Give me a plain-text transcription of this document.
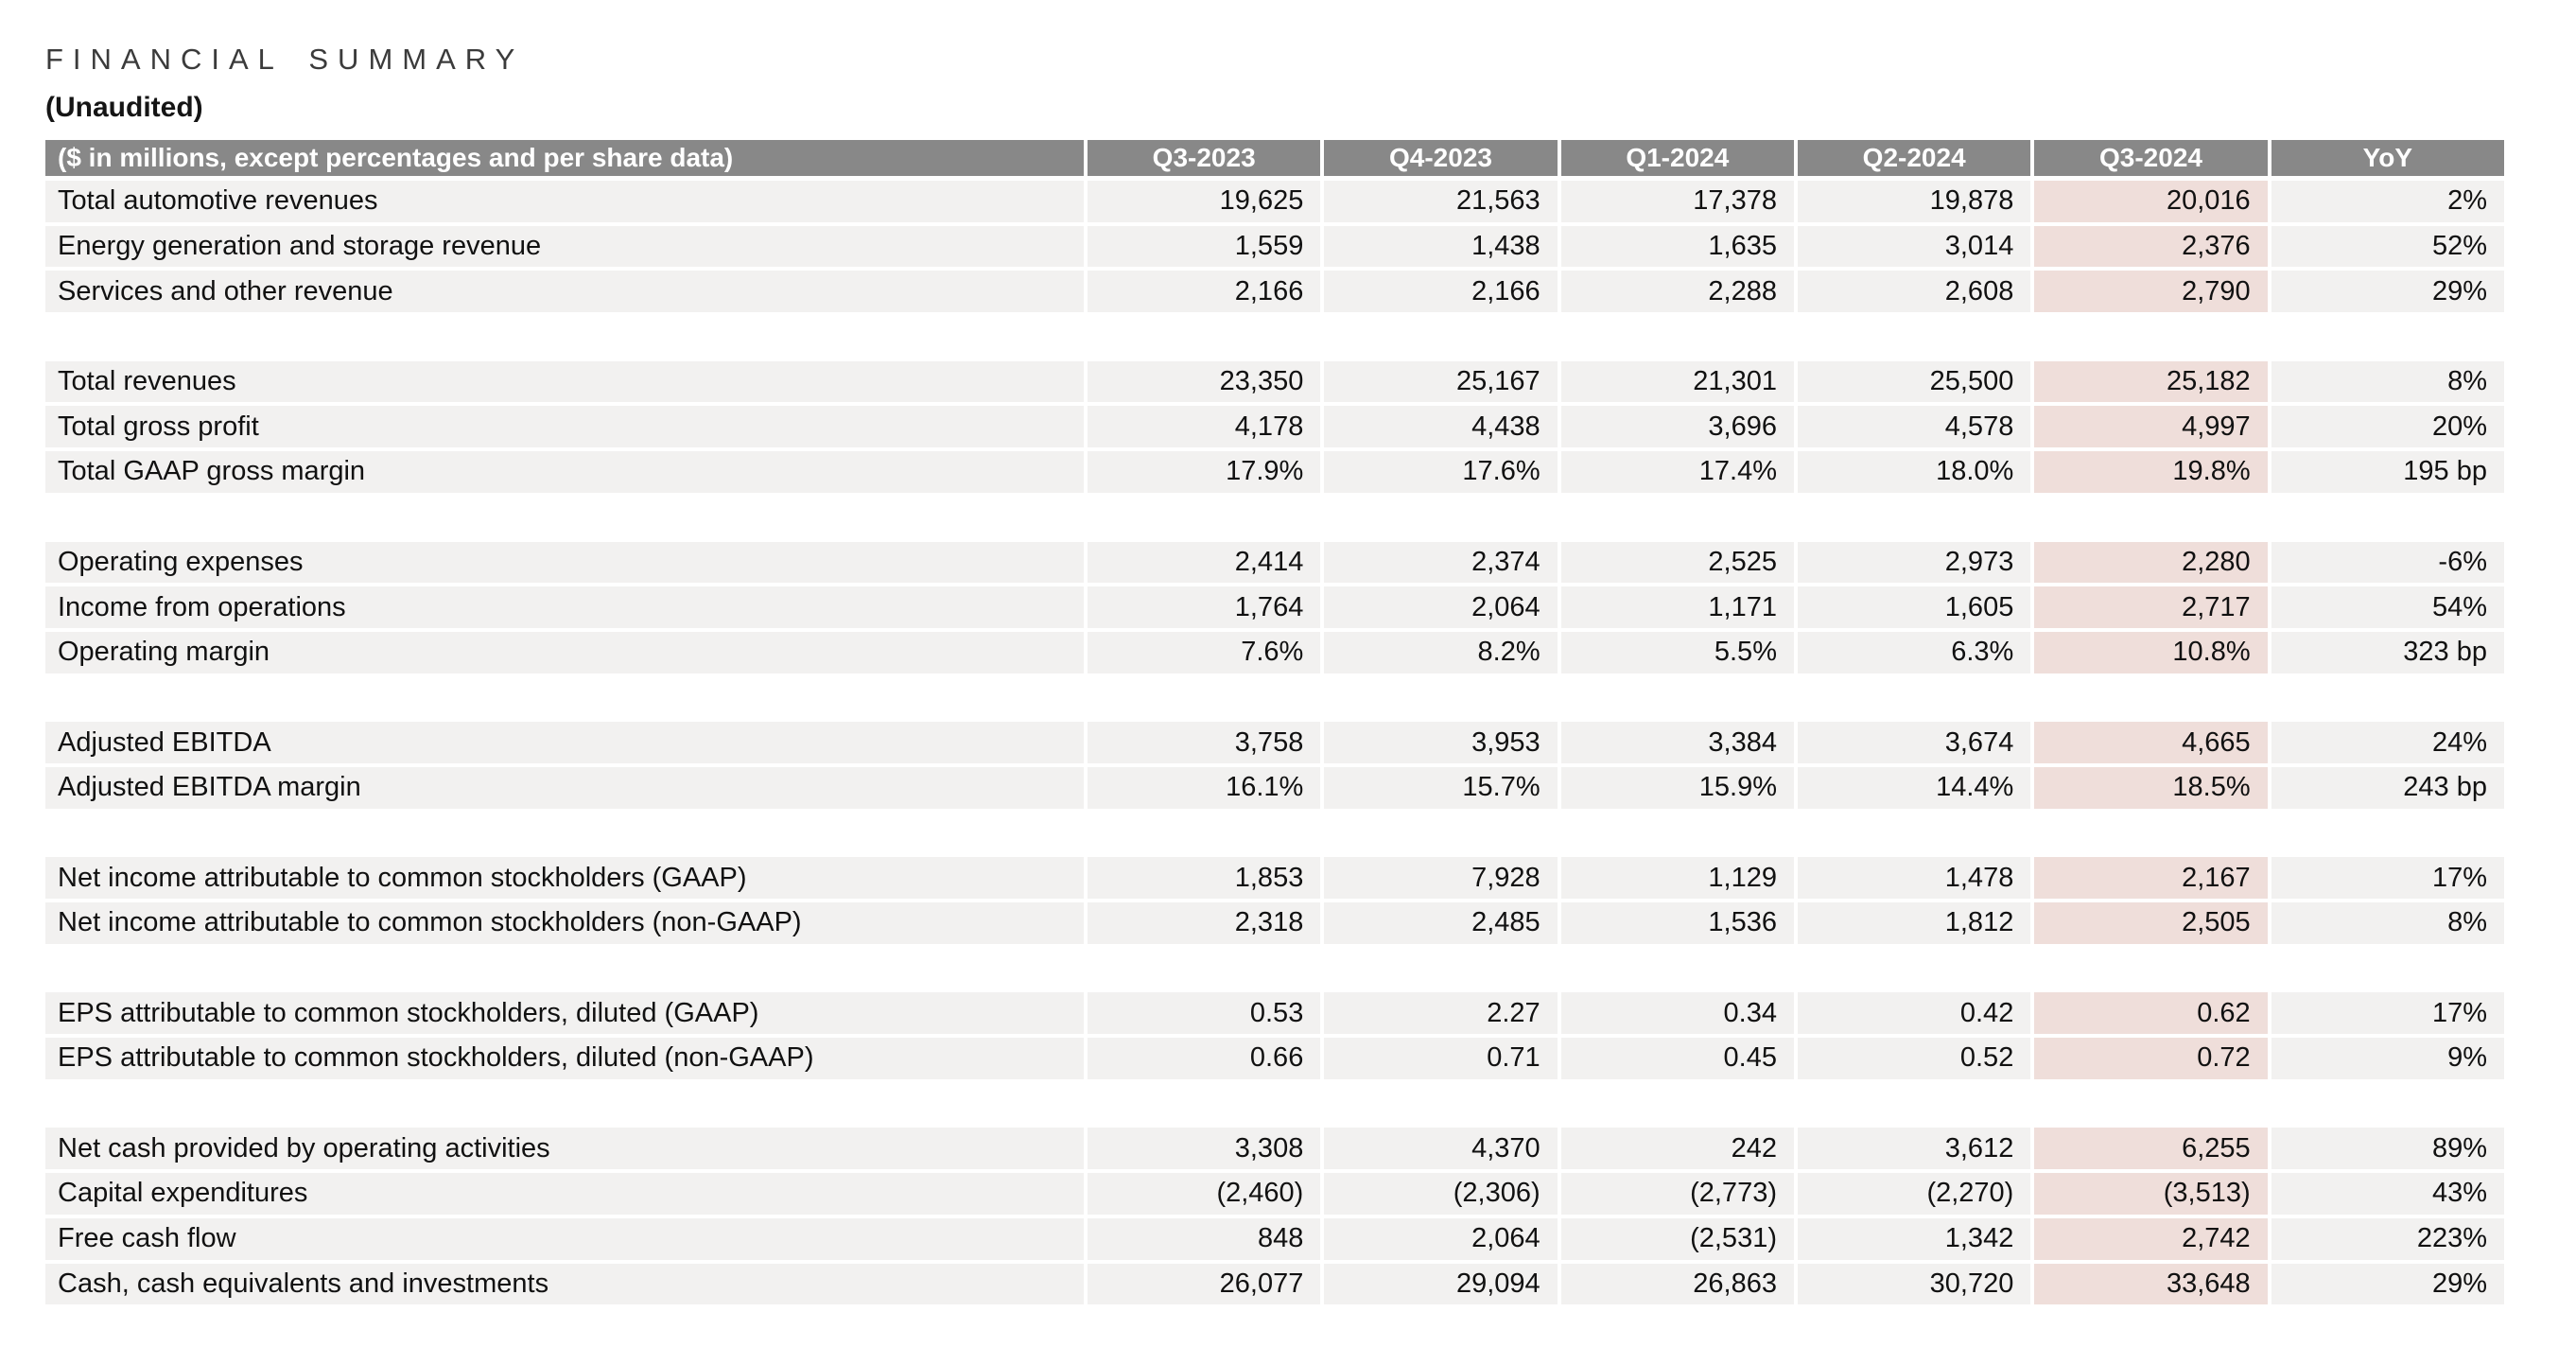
FINANCIAL SUMMARY
(Unaudited)
($ in millions, except percentages and per share data)	Q3-2023	Q4-2023	Q1-2024	Q2-2024	Q3-2024	YoY
Total automotive revenues	19,625	21,563	17,378	19,878	20,016	2%
Energy generation and storage revenue	1,559	1,438	1,635	3,014	2,376	52%
Services and other revenue	2,166	2,166	2,288	2,608	2,790	29%
Total revenues	23,350	25,167	21,301	25,500	25,182	8%
Total gross profit	4,178	4,438	3,696	4,578	4,997	20%
Total GAAP gross margin	17.9%	17.6%	17.4%	18.0%	19.8%	195 bp
Operating expenses	2,414	2,374	2,525	2,973	2,280	-6%
Income from operations	1,764	2,064	1,171	1,605	2,717	54%
Operating margin	7.6%	8.2%	5.5%	6.3%	10.8%	323 bp
Adjusted EBITDA	3,758	3,953	3,384	3,674	4,665	24%
Adjusted EBITDA margin	16.1%	15.7%	15.9%	14.4%	18.5%	243 bp
Net income attributable to common stockholders (GAAP)	1,853	7,928	1,129	1,478	2,167	17%
Net income attributable to common stockholders (non-GAAP)	2,318	2,485	1,536	1,812	2,505	8%
EPS attributable to common stockholders, diluted (GAAP)	0.53	2.27	0.34	0.42	0.62	17%
EPS attributable to common stockholders, diluted (non-GAAP)	0.66	0.71	0.45	0.52	0.72	9%
Net cash provided by operating activities	3,308	4,370	242	3,612	6,255	89%
Capital expenditures	(2,460)	(2,306)	(2,773)	(2,270)	(3,513)	43%
Free cash flow	848	2,064	(2,531)	1,342	2,742	223%
Cash, cash equivalents and investments	26,077	29,094	26,863	30,720	33,648	29%
